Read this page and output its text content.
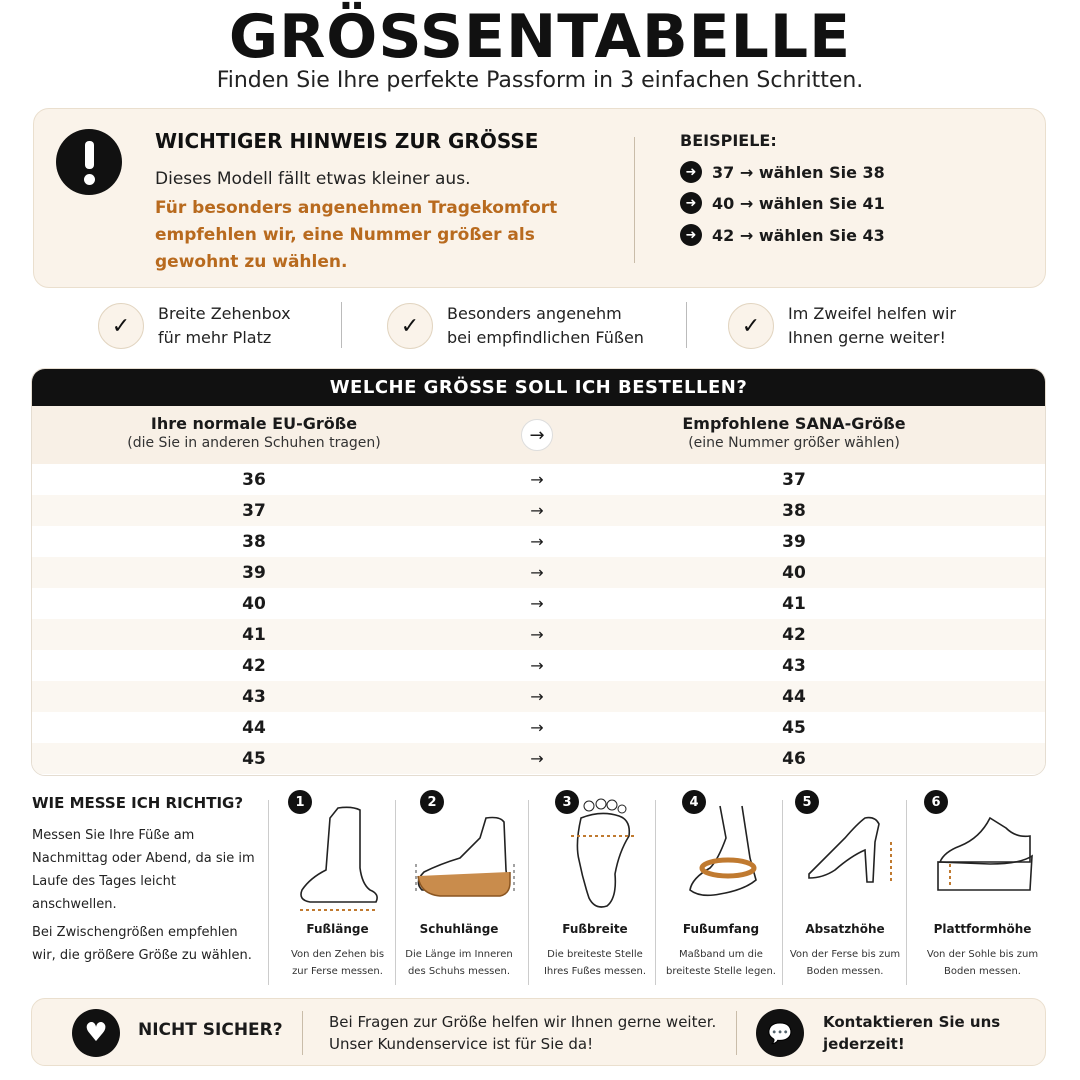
GRÖSSENTABELLE
Finden Sie Ihre perfekte Passform in 3 einfachen Schritten.
WICHTIGER HINWEIS ZUR GRÖSSE
Dieses Modell fällt etwas kleiner aus.
Für besonders angenehmen Tragekomfort empfehlen wir, eine Nummer größer als gewohnt zu wählen.
BEISPIELE:
➜ 37 → wählen Sie 38
➜ 40 → wählen Sie 41
➜ 42 → wählen Sie 43
✓	Breite Zehenbox
für mehr Platz	✓	Besonders angenehm
bei empfindlichen Füßen	✓	Im Zweifel helfen wir
Ihnen gerne weiter!
WELCHE GRÖSSE SOLL ICH BESTELLEN?
Ihre normale EU-Größe
(die Sie in anderen Schuhen tragen)	→
Empfohlene SANA-Größe
(eine Nummer größer wählen)
36	→	37
37	→	38
38	→	39
39	→	40
40	→	41
41	→	42
42	→	43
43	→	44
44	→	45
45	→	46
WIE MESSE ICH RICHTIG?
Messen Sie Ihre Füße am Nachmittag oder Abend, da sie im Laufe des Tages leicht anschwellen.
Bei Zwischengrößen empfehlen wir, die größere Größe zu wählen.
1
Fußlänge
Von den Zehen bis zur Ferse messen.
2
Schuhlänge
Die Länge im Inneren des Schuhs messen.
3
Fußbreite
Die breiteste Stelle Ihres Fußes messen.
4
Fußumfang
Maßband um die breiteste Stelle legen.
5
Absatzhöhe
Von der Ferse bis zum Boden messen.
6
Plattformhöhe
Von der Sohle bis zum Boden messen.
♥	NICHT SICHER?	Bei Fragen zur Größe helfen wir Ihnen gerne weiter. Unser Kundenservice ist für Sie da!	💬	Kontaktieren Sie uns jederzeit!
